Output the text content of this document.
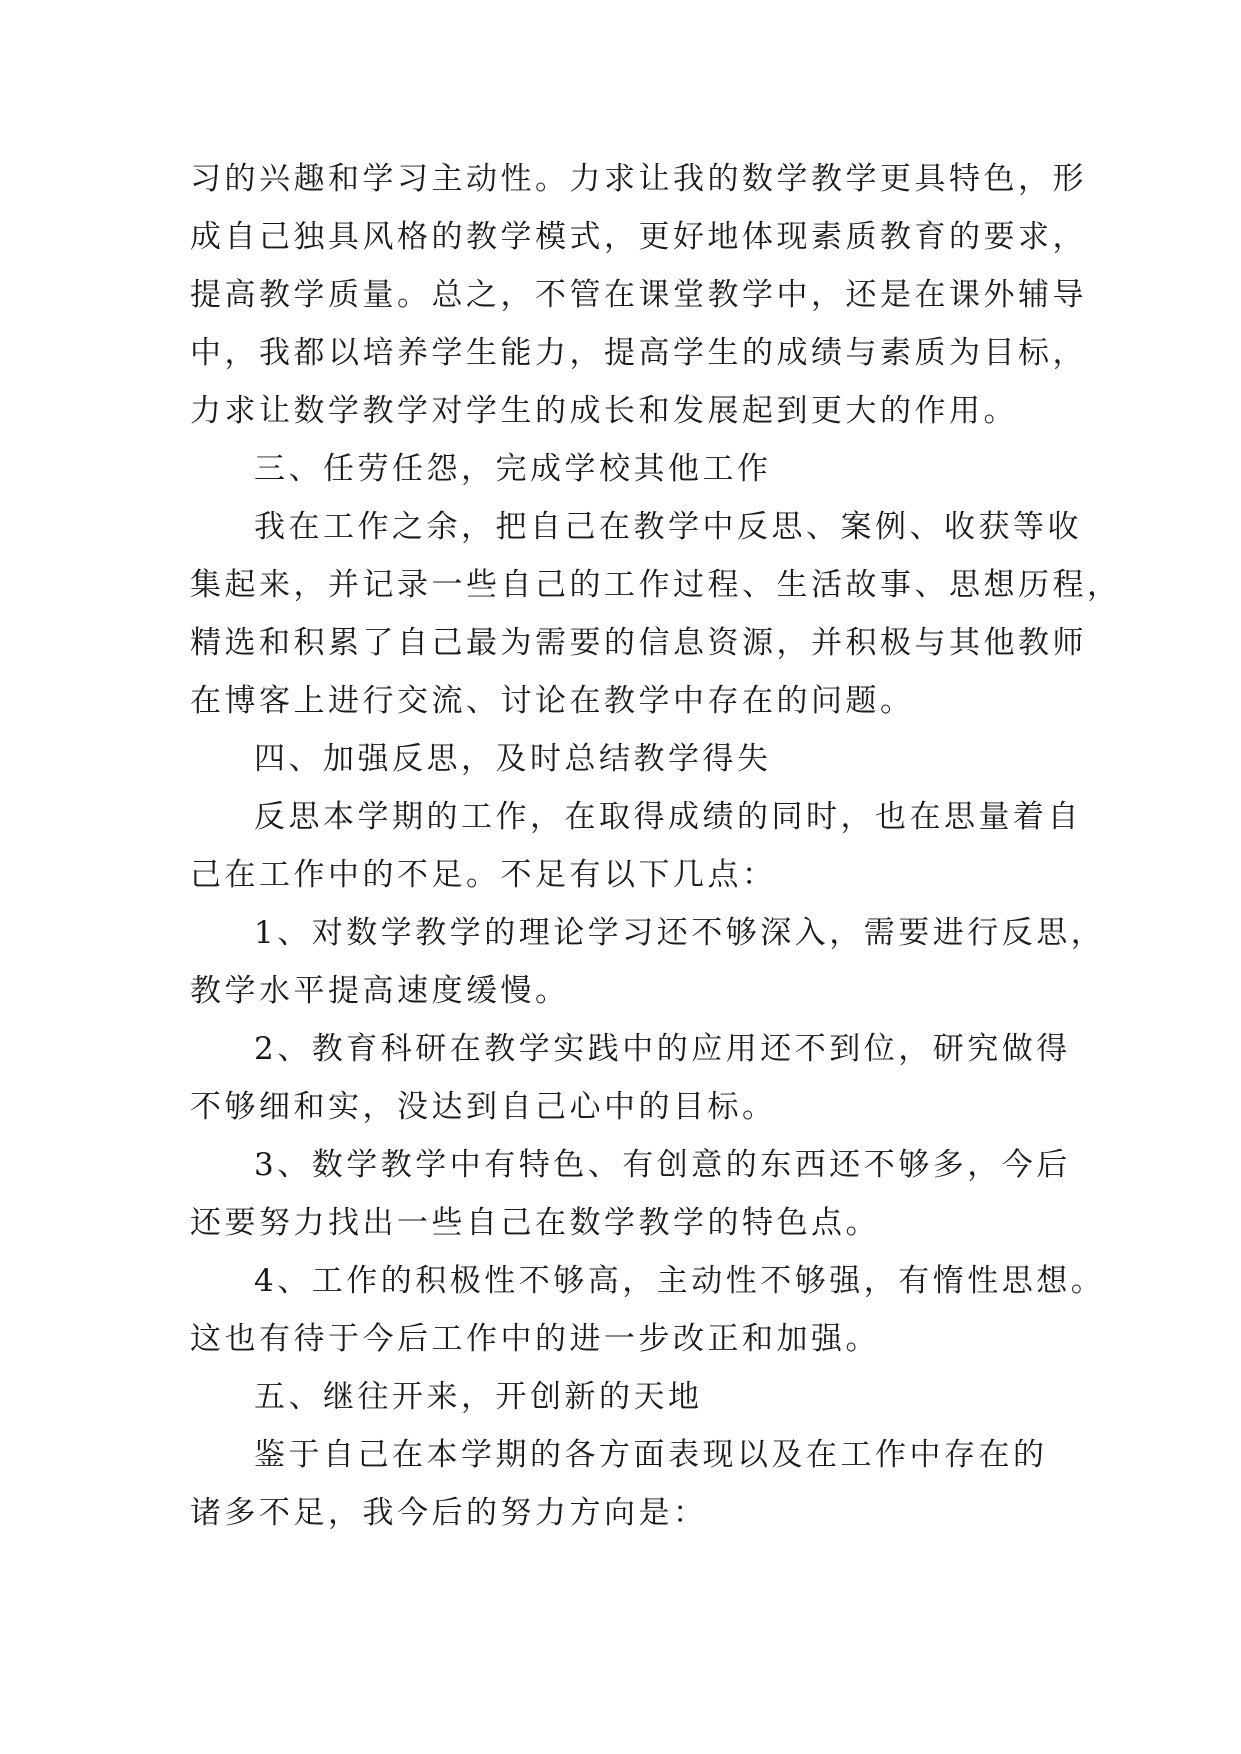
习的兴趣和学习主动性。力求让我的数学教学更具特色，形
成自己独具风格的教学模式，更好地体现素质教育的要求，
提高教学质量。总之，不管在课堂教学中，还是在课外辅导
中，我都以培养学生能力，提高学生的成绩与素质为目标，
力求让数学教学对学生的成长和发展起到更大的作用。
三、任劳任怨，完成学校其他工作
我在工作之余，把自己在教学中反思、案例、收获等收
集起来，并记录一些自己的工作过程、生活故事、思想历程，
精选和积累了自己最为需要的信息资源，并积极与其他教师
在博客上进行交流、讨论在教学中存在的问题。
四、加强反思，及时总结教学得失
反思本学期的工作，在取得成绩的同时，也在思量着自
己在工作中的不足。不足有以下几点：
1、对数学教学的理论学习还不够深入，需要进行反思，
教学水平提高速度缓慢。
2、教育科研在教学实践中的应用还不到位，研究做得
不够细和实，没达到自己心中的目标。
3、数学教学中有特色、有创意的东西还不够多，今后
还要努力找出一些自己在数学教学的特色点。
4、工作的积极性不够高，主动性不够强，有惰性思想。
这也有待于今后工作中的进一步改正和加强。
五、继往开来，开创新的天地
鉴于自己在本学期的各方面表现以及在工作中存在的
诸多不足，我今后的努力方向是：
